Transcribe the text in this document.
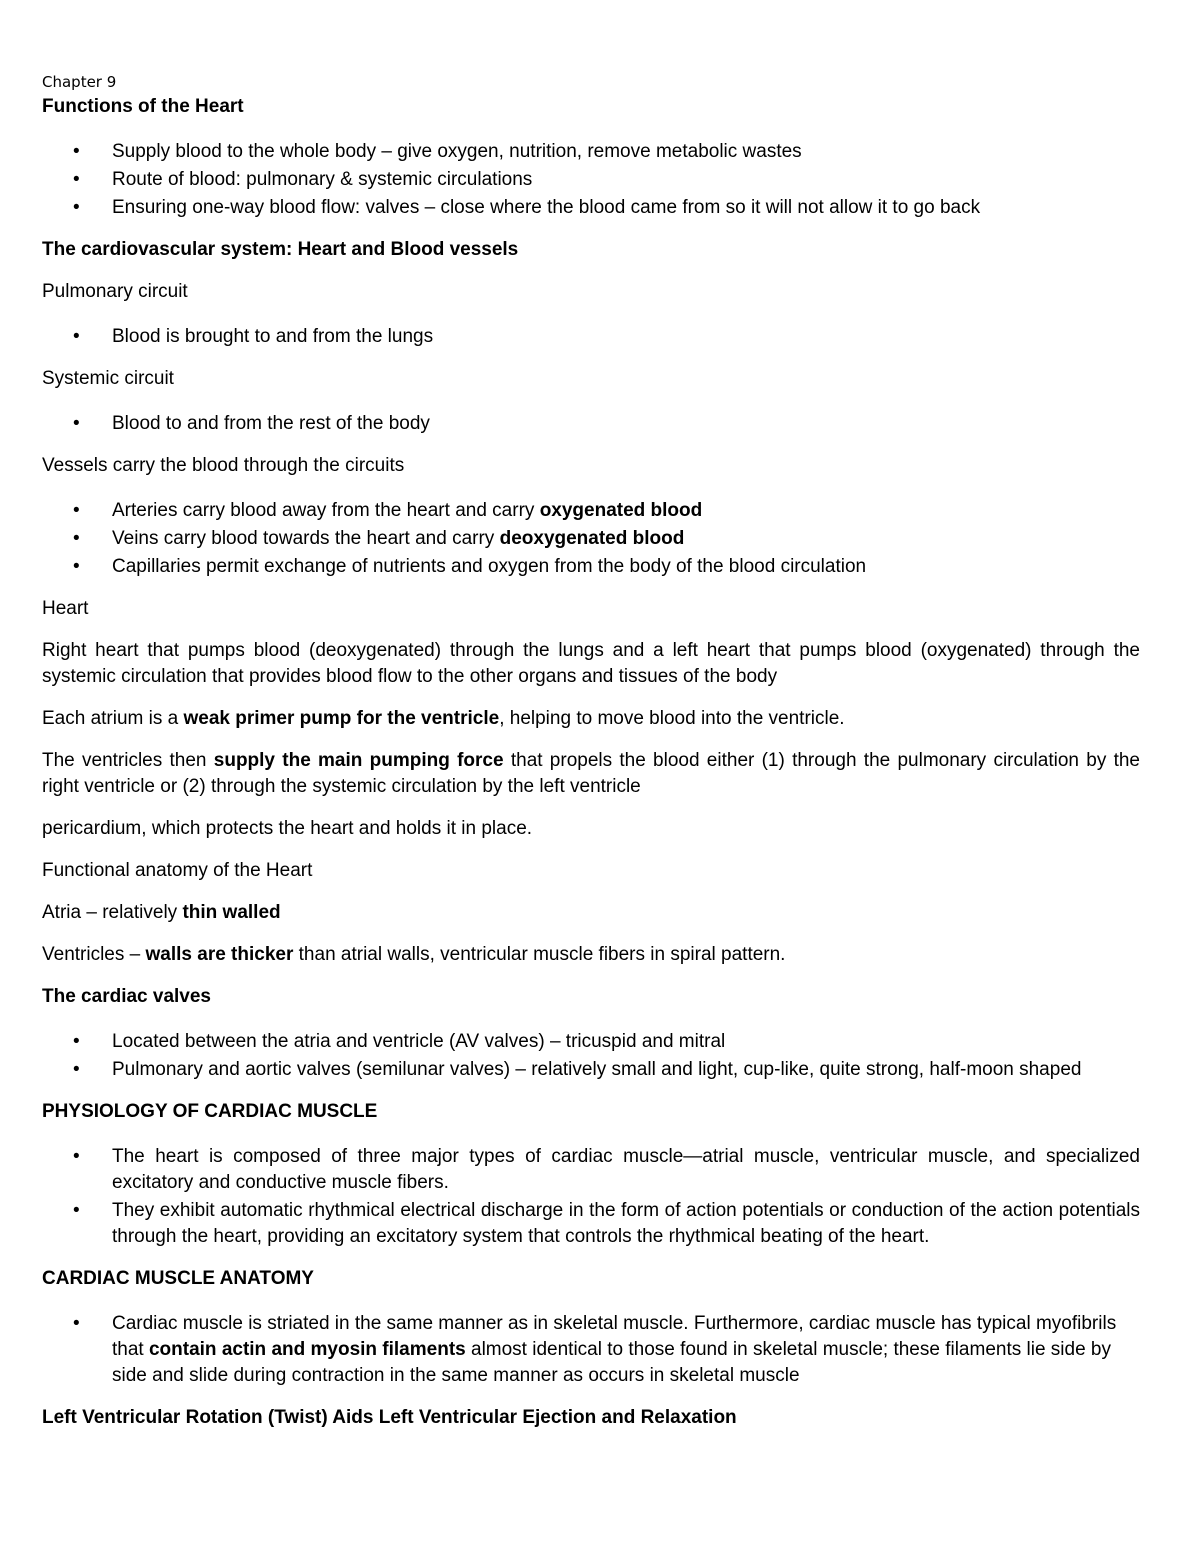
Chapter 9

Functions of the Heart

• Supply blood to the whole body – give oxygen, nutrition, remove metabolic wastes
• Route of blood: pulmonary & systemic circulations
• Ensuring one-way blood flow: valves – close where the blood came from so it will not allow it to go back

The cardiovascular system: Heart and Blood vessels

Pulmonary circuit

• Blood is brought to and from the lungs

Systemic circuit

• Blood to and from the rest of the body

Vessels carry the blood through the circuits

• Arteries carry blood away from the heart and carry oxygenated blood
• Veins carry blood towards the heart and carry deoxygenated blood
• Capillaries permit exchange of nutrients and oxygen from the body of the blood circulation

Heart

Right heart that pumps blood (deoxygenated) through the lungs and a left heart that pumps blood (oxygenated) through the systemic circulation that provides blood flow to the other organs and tissues of the body

Each atrium is a weak primer pump for the ventricle, helping to move blood into the ventricle.

The ventricles then supply the main pumping force that propels the blood either (1) through the pulmonary circulation by the right ventricle or (2) through the systemic circulation by the left ventricle

pericardium, which protects the heart and holds it in place.

Functional anatomy of the Heart

Atria – relatively thin walled

Ventricles – walls are thicker than atrial walls, ventricular muscle fibers in spiral pattern.

The cardiac valves

• Located between the atria and ventricle (AV valves) – tricuspid and mitral
• Pulmonary and aortic valves (semilunar valves) – relatively small and light, cup-like, quite strong, half-moon shaped

PHYSIOLOGY OF CARDIAC MUSCLE

• The heart is composed of three major types of cardiac muscle—atrial muscle, ventricular muscle, and specialized excitatory and conductive muscle fibers.
• They exhibit automatic rhythmical electrical discharge in the form of action potentials or conduction of the action potentials through the heart, providing an excitatory system that controls the rhythmical beating of the heart.

CARDIAC MUSCLE ANATOMY

• Cardiac muscle is striated in the same manner as in skeletal muscle. Furthermore, cardiac muscle has typical myofibrils that contain actin and myosin filaments almost identical to those found in skeletal muscle; these filaments lie side by side and slide during contraction in the same manner as occurs in skeletal muscle

Left Ventricular Rotation (Twist) Aids Left Ventricular Ejection and Relaxation
